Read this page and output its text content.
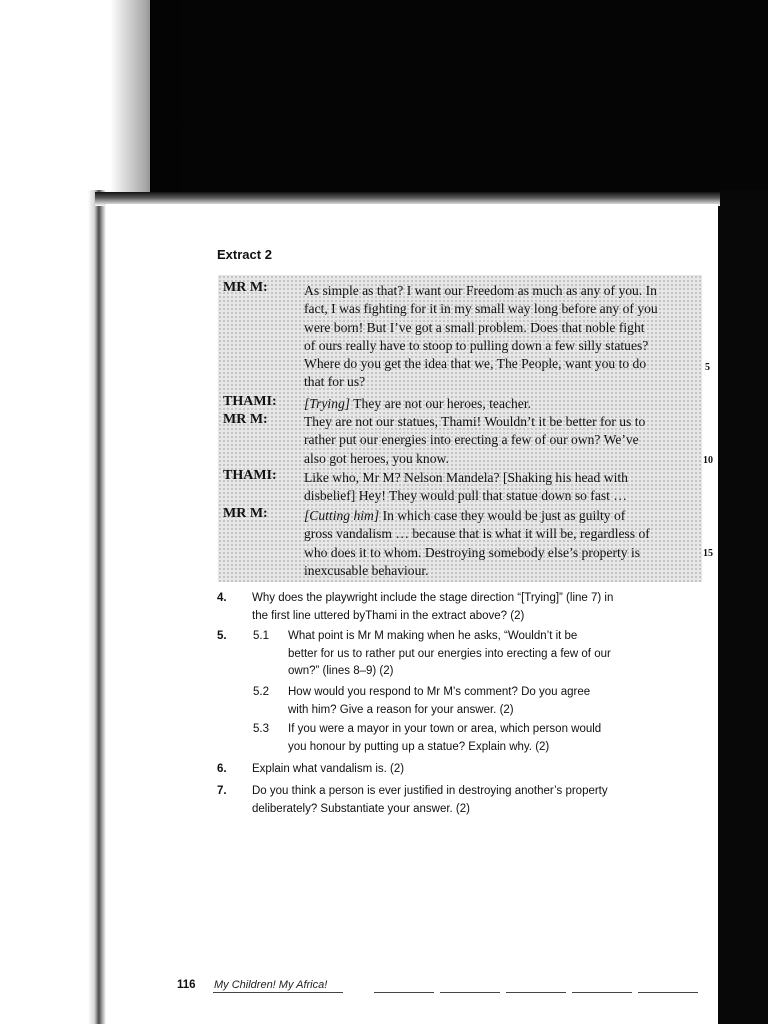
Extract 2
MR M:	As simple as that? I want our Freedom as much as any of you. In
fact, I was fighting for it in my small way long before any of you
were born! But I’ve got a small problem. Does that noble fight
of ours really have to stoop to pulling down a few silly statues?
Where do you get the idea that we, The People, want you to do
that for us?
THAMI: [Trying] They are not our heroes, teacher.
MR M:	They are not our statues, Thami! Wouldn’t it be better for us to
rather put our energies into erecting a few of our own? We’ve
also got heroes, you know.
THAMI: Like who, Mr M? Nelson Mandela? [Shaking his head with
disbelief] Hey! They would pull that statue down so fast …
MR M:	[Cutting him] In which case they would be just as guilty of
gross vandalism … because that is what it will be, regardless of
who does it to whom. Destroying somebody else’s property is
inexcusable behaviour.
5
10
15
4. Why does the playwright include the stage direction “[Trying]” (line 7) in
the first line uttered byThami in the extract above? (2)
5. 5.1 What point is Mr M making when he asks, “Wouldn’t it be
better for us to rather put our energies into erecting a few of our
own?” (lines 8–9) (2)
5.2 How would you respond to Mr M’s comment? Do you agree
with him? Give a reason for your answer. (2)
5.3 If you were a mayor in your town or area, which person would
you honour by putting up a statue? Explain why. (2)
6. Explain what vandalism is. (2)
7. Do you think a person is ever justified in destroying another’s property
deliberately? Substantiate your answer. (2)
116 My Children! My Africa!
